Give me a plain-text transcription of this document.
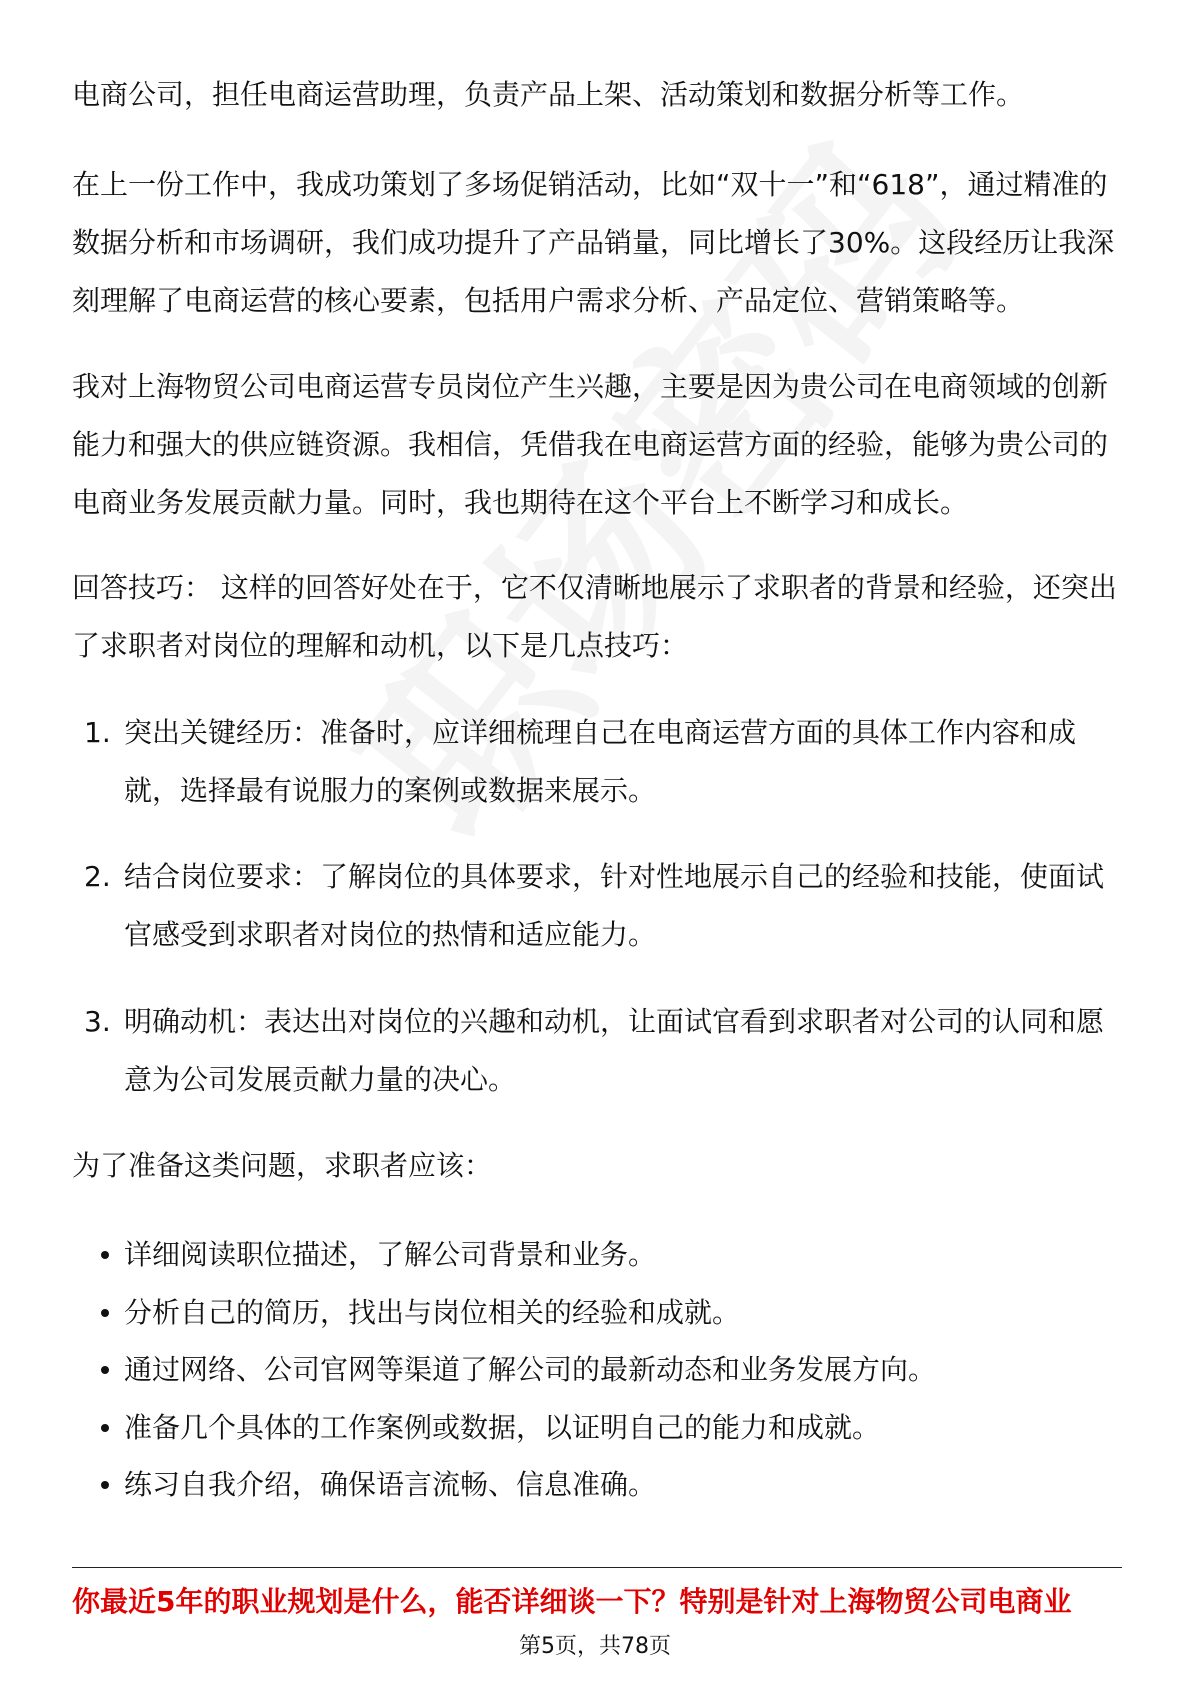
电商公司，担任电商运营助理，负责产品上架、活动策划和数据分析等工作。

在上一份工作中，我成功策划了多场促销活动，比如“双十一”和“618”，通过精准的数据分析和市场调研，我们成功提升了产品销量，同比增长了30%。这段经历让我深刻理解了电商运营的核心要素，包括用户需求分析、产品定位、营销策略等。

我对上海物贸公司电商运营专员岗位产生兴趣，主要是因为贵公司在电商领域的创新能力和强大的供应链资源。我相信，凭借我在电商运营方面的经验，能够为贵公司的电商业务发展贡献力量。同时，我也期待在这个平台上不断学习和成长。

回答技巧： 这样的回答好处在于，它不仅清晰地展示了求职者的背景和经验，还突出了求职者对岗位的理解和动机，以下是几点技巧：

1. 突出关键经历：准备时，应详细梳理自己在电商运营方面的具体工作内容和成就，选择最有说服力的案例或数据来展示。
2. 结合岗位要求：了解岗位的具体要求，针对性地展示自己的经验和技能，使面试官感受到求职者对岗位的热情和适应能力。
3. 明确动机：表达出对岗位的兴趣和动机，让面试官看到求职者对公司的认同和愿意为公司发展贡献力量的决心。

为了准备这类问题，求职者应该：

详细阅读职位描述，了解公司背景和业务。
分析自己的简历，找出与岗位相关的经验和成就。
通过网络、公司官网等渠道了解公司的最新动态和业务发展方向。
准备几个具体的工作案例或数据，以证明自己的能力和成就。
练习自我介绍，确保语言流畅、信息准确。
你最近5年的职业规划是什么，能否详细谈一下？特别是针对上海物贸公司电商业
第5页，共78页
